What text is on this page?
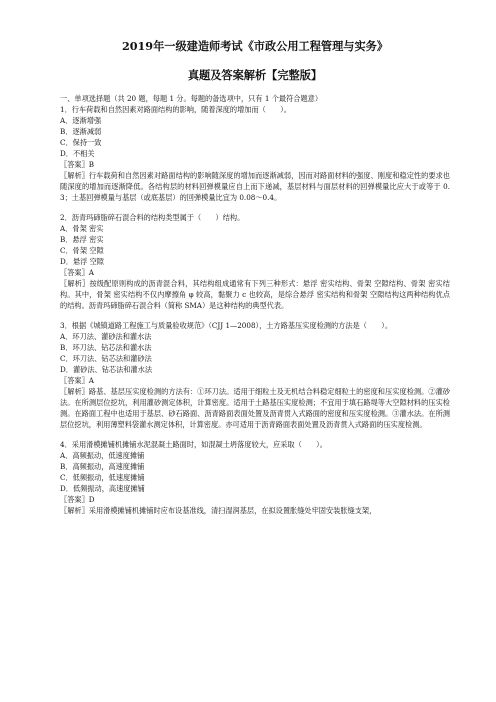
2019年一级建造师考试《市政公用工程管理与实务》
真题及答案解析【完整版】

一、单项选择题（共 20 题，每题 1 分。每题的备选项中，只有 1 个最符合题意）

1．行车荷载和自然因素对路面结构的影响，随着深度的增加而（　　）。

A．逐渐增强

B．逐渐减弱

C．保持一致

D．不相关

〖答案〗B

〖解析〗行车载荷和自然因素对路面结构的影响随深度的增加而逐渐减弱，因而对路面材料的强度、刚度和稳定性的要求也随深度的增加而逐渐降低。各结构层的材料回弹模量应自上而下递减，基层材料与面层材料的回弹模量比应大于或等于 0.3；土基回弹模量与基层（或底基层）的回弹模量比宜为 0.08～0.4。

2．沥青玛碲脂碎石混合料的结构类型属于（　　）结构。

A．骨架 密实

B．悬浮 密实

C．骨架 空隙

D．悬浮 空隙

〖答案〗A

〖解析〗按级配原则构成的沥青混合料，其结构组成通常有下列三种形式：悬浮 密实结构、骨架 空隙结构、骨架 密实结构。其中，骨架 密实结构不仅内摩擦角 φ 较高，黏聚力 c 也较高，是综合悬浮 密实结构和骨架 空隙结构这两种结构优点的结构。沥青玛碲脂碎石混合料（简称 SMA）是这种结构的典型代表。

3．根据《城镇道路工程施工与质量验收规范》（CJJ 1—2008），土方路基压实度检测的方法是（　　）。

A．环刀法、灌砂法和灌水法

B．环刀法、钻芯法和灌水法

C．环刀法、钻芯法和灌砂法

D．灌砂法、钻芯法和灌水法

〖答案〗A

〖解析〗路基、基层压实度检测的方法有：①环刀法。适用于细粒土及无机结合料稳定细粒土的密度和压实度检测。②灌砂法。在所测层位挖坑，利用灌砂测定体积，计算密度。适用于土路基压实度检测；不宜用于填石路堤等大空隙材料的压实检测。在路面工程中也适用于基层、砂石路面、沥青路面表面处置及沥青贯入式路面的密度和压实度检测。③灌水法。在所测层位挖坑，利用薄塑料袋灌水测定体积，计算密度。亦可适用于沥青路面表面处置及沥青贯入式路面的压实度检测。

4．采用滑模摊铺机摊铺水泥混凝土路面时，如混凝土坍落度较大，应采取（　　）。

A．高频振动，低速度摊铺

B．高频振动，高速度摊铺

C．低频振动，低速度摊铺

D．低频振动，高速度摊铺

〖答案〗D

〖解析〗采用滑模摊铺机摊铺时应布设基准线，清扫湿润基层，在拟设置胀缝处牢固安装胀缝支架，
